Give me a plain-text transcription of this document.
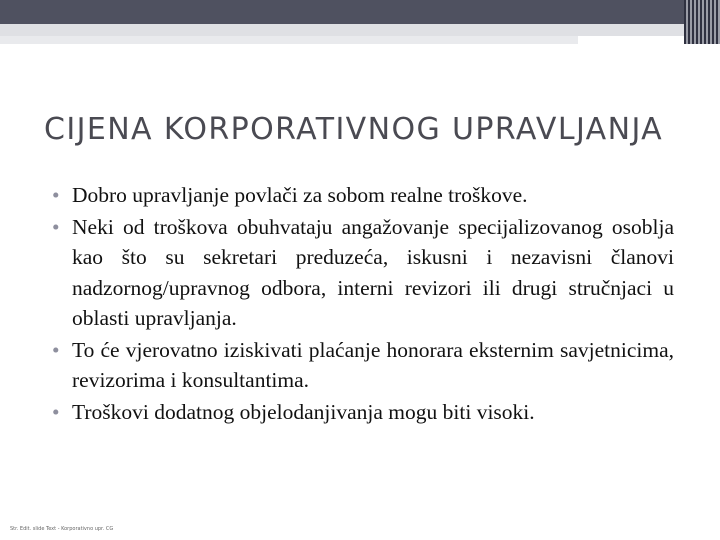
CIJENA KORPORATIVNOG UPRAVLJANJA
• Dobro upravljanje povlači za sobom realne troškove.
• Neki od troškova obuhvataju angažovanje specijalizovanog osoblja kao što su sekretari preduzeća, iskusni i nezavisni članovi nadzornog/upravnog odbora, interni revizori ili drugi stručnjaci u oblasti upravljanja.
• To će vjerovatno iziskivati plaćanje honorara eksternim savjetnicima, revizorima i konsultantima.
• Troškovi dodatnog objelodanjivanja mogu biti visoki.
Str. Edit. slide Text - Korporativno upr. CG
